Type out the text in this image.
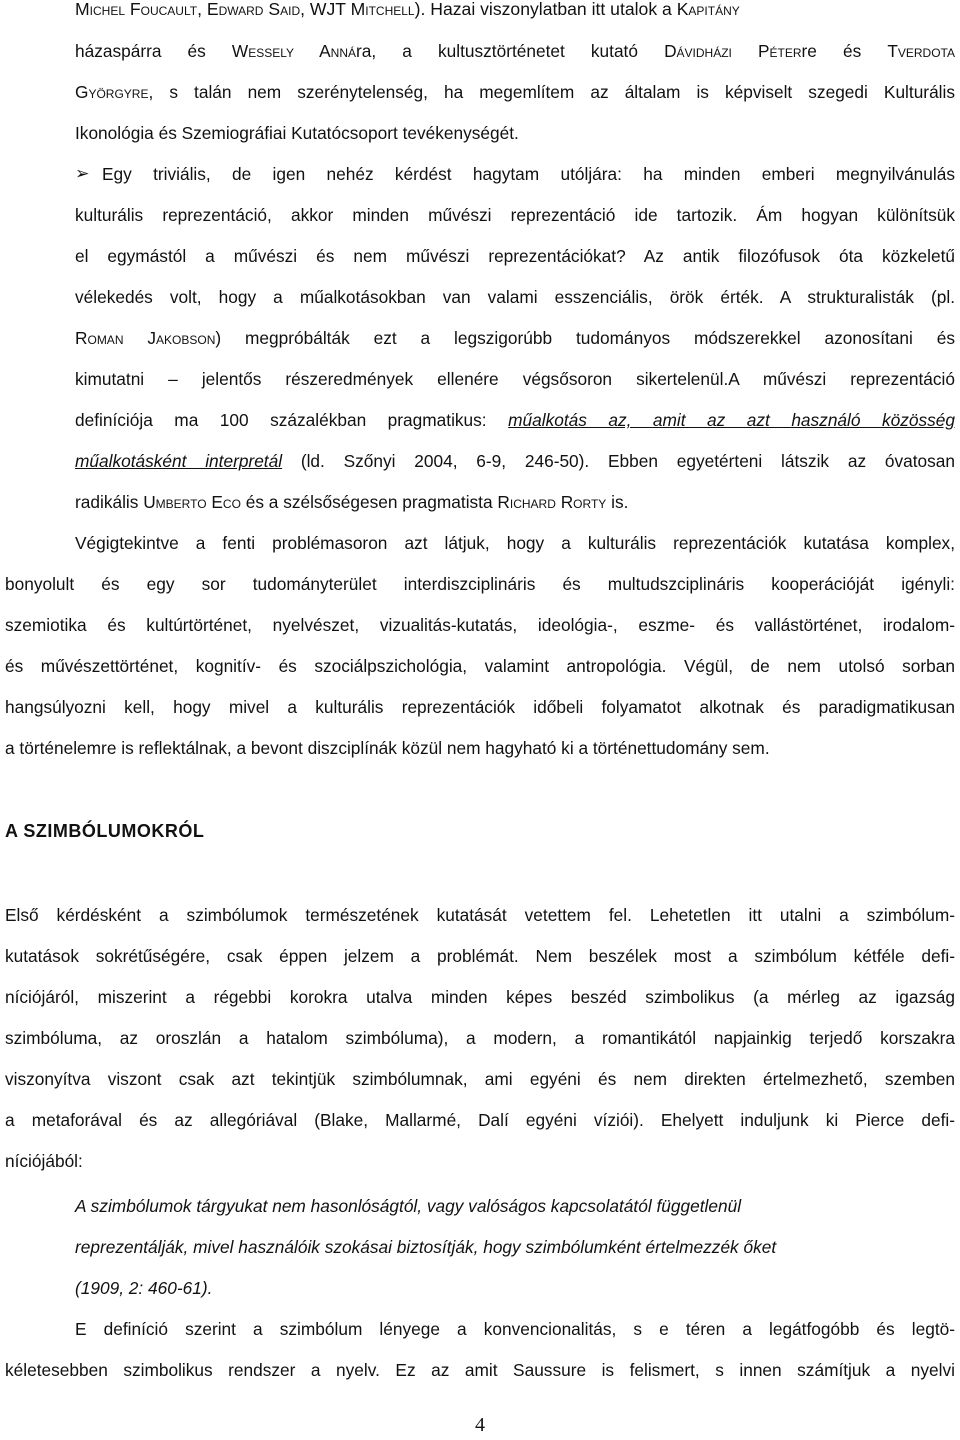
Michel Foucault, Edward Said, WJT Mitchell). Hazai viszonylatban itt utalok a Kapitány
házaspárra és Wessely Annára, a kultusztörténetet kutató Dávidházi Péterre és Tverdota
Györgyre, s talán nem szerénytelenség, ha megemlítem az általam is képviselt szegedi Kulturális
Ikonológia és Szemiográfiai Kutatócsoport tevékenységét.
➢ Egy triviális, de igen nehéz kérdést hagytam utóljára: ha minden emberi megnyilvánulás
kulturális reprezentáció, akkor minden művészi reprezentáció ide tartozik. Ám hogyan különítsük
el egymástól a művészi és nem művészi reprezentációkat? Az antik filozófusok óta közkeletű
vélekedés volt, hogy a műalkotásokban van valami esszenciális, örök érték. A strukturalisták (pl.
Roman Jakobson) megpróbálták ezt a legszigorúbb tudományos módszerekkel azonosítani és
kimutatni – jelentős részeredmények ellenére végsősoron sikertelenül.A művészi reprezentáció
definíciója ma 100 százalékban pragmatikus: műalkotás az, amit az azt használó közösség
műalkotásként interpretál (ld. Szőnyi 2004, 6-9, 246-50). Ebben egyetérteni látszik az óvatosan
radikális Umberto Eco és a szélsőségesen pragmatista Richard Rorty is.
Végigtekintve a fenti problémasoron azt látjuk, hogy a kulturális reprezentációk kutatása komplex,
bonyolult és egy sor tudományterület interdiszciplináris és multudszciplináris kooperációját igényli:
szemiotika és kultúrtörténet, nyelvészet, vizualitás-kutatás, ideológia-, eszme- és vallástörténet, irodalom-
és művészettörténet, kognitív- és szociálpszichológia, valamint antropológia. Végül, de nem utolsó sorban
hangsúlyozni kell, hogy mivel a kulturális reprezentációk időbeli folyamatot alkotnak és paradigmatikusan
a történelemre is reflektálnak, a bevont diszciplínák közül nem hagyható ki a történettudomány sem.
A SZIMBÓLUMOKRÓL
Első kérdésként a szimbólumok természetének kutatását vetettem fel. Lehetetlen itt utalni a szimbólum-
kutatások sokrétűségére, csak éppen jelzem a problémát. Nem beszélek most a szimbólum kétféle defi-
níciójáról, miszerint a régebbi korokra utalva minden képes beszéd szimbolikus (a mérleg az igazság
szimbóluma, az oroszlán a hatalom szimbóluma), a modern, a romantikától napjainkig terjedő korszakra
viszonyítva viszont csak azt tekintjük szimbólumnak, ami egyéni és nem direkten értelmezhető, szemben
a metaforával és az allegóriával (Blake, Mallarmé, Dalí egyéni víziói). Ehelyett induljunk ki Pierce defi-
níciójából:
A szimbólumok tárgyukat nem hasonlóságtól, vagy valóságos kapcsolatától függetlenül
reprezentálják, mivel használóik szokásai biztosítják, hogy szimbólumként értelmezzék őket
(1909, 2: 460-61).
E definíció szerint a szimbólum lényege a konvencionalitás, s e téren a legátfogóbb és legtö-
kéletesebben szimbolikus rendszer a nyelv. Ez az amit Saussure is felismert, s innen számítjuk a nyelvi
4
